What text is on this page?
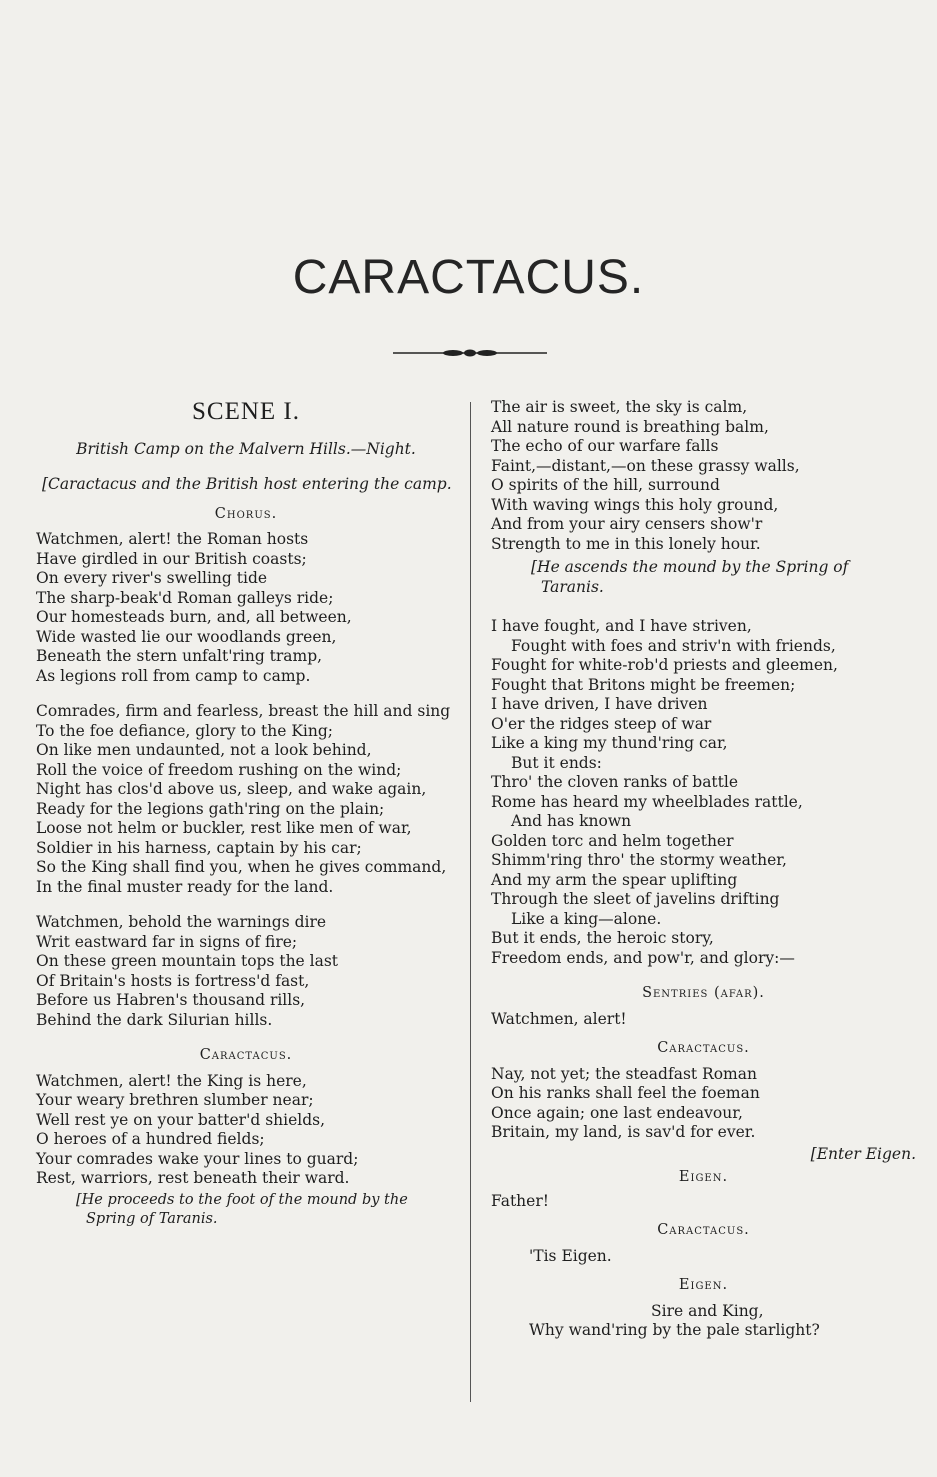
CARACTACUS.
SCENE I.
British Camp on the Malvern Hills.—Night.

[Caractacus and the British host entering the camp.

Chorus.
Watchmen, alert! the Roman hosts
Have girdled in our British coasts;
On every river's swelling tide
The sharp-beak'd Roman galleys ride;
Our homesteads burn, and, all between,
Wide wasted lie our woodlands green,
Beneath the stern unfalt'ring tramp,
As legions roll from camp to camp.
Comrades, firm and fearless, breast the hill and sing
To the foe defiance, glory to the King;
On like men undaunted, not a look behind,
Roll the voice of freedom rushing on the wind;
Night has clos'd above us, sleep, and wake again,
Ready for the legions gath'ring on the plain;
Loose not helm or buckler, rest like men of war,
Soldier in his harness, captain by his car;
So the King shall find you, when he gives command,
In the final muster ready for the land.
Watchmen, behold the warnings dire
Writ eastward far in signs of fire;
On these green mountain tops the last
Of Britain's hosts is fortress'd fast,
Before us Habren's thousand rills,
Behind the dark Silurian hills.
Caractacus.
Watchmen, alert! the King is here,
Your weary brethren slumber near;
Well rest ye on your batter'd shields,
O heroes of a hundred fields;
Your comrades wake your lines to guard;
Rest, warriors, rest beneath their ward.

[He proceeds to the foot of the mound by the Spring of Taranis.

The air is sweet, the sky is calm,
All nature round is breathing balm,
The echo of our warfare falls
Faint,—distant,—on these grassy walls,
O spirits of the hill, surround
With waving wings this holy ground,
And from your airy censers show'r
Strength to me in this lonely hour.

[He ascends the mound by the Spring of Taranis.

I have fought, and I have striven,
Fought with foes and striv'n with friends,
Fought for white-rob'd priests and gleemen,
Fought that Britons might be freemen;
I have driven, I have driven
O'er the ridges steep of war
Like a king my thund'ring car,
But it ends:
Thro' the cloven ranks of battle
Rome has heard my wheelblades rattle,
And has known
Golden torc and helm together
Shimm'ring thro' the stormy weather,
And my arm the spear uplifting
Through the sleet of javelins drifting
Like a king—alone.
But it ends, the heroic story,
Freedom ends, and pow'r, and glory:—
Sentries (afar).
Watchmen, alert!
Caractacus.
Nay, not yet; the steadfast Roman
On his ranks shall feel the foeman
Once again; one last endeavour,
Britain, my land, is sav'd for ever.
[Enter Eigen.
Eigen.
Father!
Caractacus.
'Tis Eigen.
Eigen.
Sire and King,
Why wand'ring by the pale starlight?
